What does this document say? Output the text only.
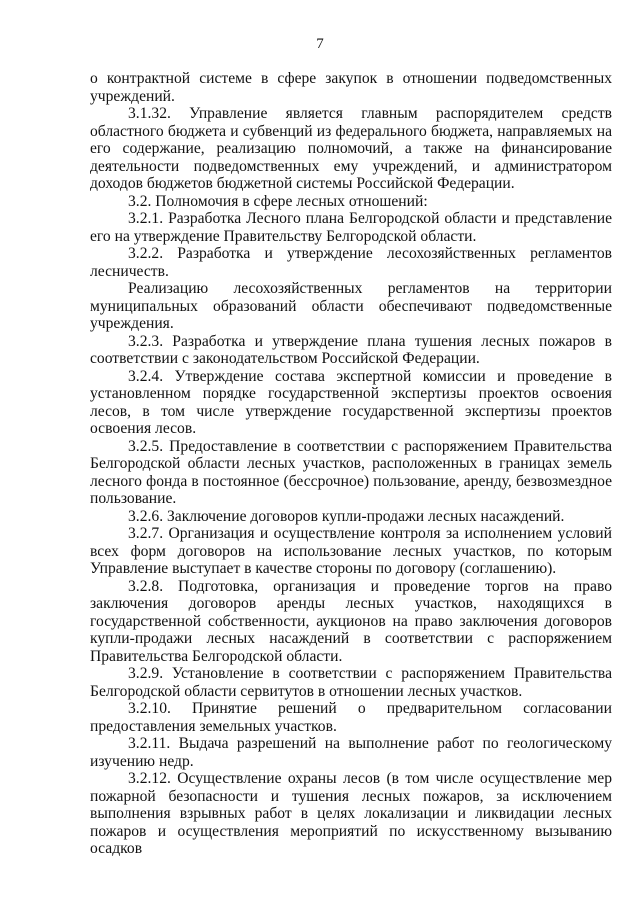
7

о контрактной системе в сфере закупок в отношении подведомственных учреждений.

3.1.32. Управление является главным распорядителем средств областного бюджета и субвенций из федерального бюджета, направляемых на его содержание, реализацию полномочий, а также на финансирование деятельности подведомственных ему учреждений, и администратором доходов бюджетов бюджетной системы Российской Федерации.

3.2. Полномочия в сфере лесных отношений:

3.2.1. Разработка Лесного плана Белгородской области и представление его на утверждение Правительству Белгородской области.

3.2.2. Разработка и утверждение лесохозяйственных регламентов лесничеств.

Реализацию лесохозяйственных регламентов на территории муниципальных образований области обеспечивают подведомственные учреждения.

3.2.3. Разработка и утверждение плана тушения лесных пожаров в соответствии с законодательством Российской Федерации.

3.2.4. Утверждение состава экспертной комиссии и проведение в установленном порядке государственной экспертизы проектов освоения лесов, в том числе утверждение государственной экспертизы проектов освоения лесов.

3.2.5. Предоставление в соответствии с распоряжением Правительства Белгородской области лесных участков, расположенных в границах земель лесного фонда в постоянное (бессрочное) пользование, аренду, безвозмездное пользование.

3.2.6. Заключение договоров купли-продажи лесных насаждений.

3.2.7. Организация и осуществление контроля за исполнением условий всех форм договоров на использование лесных участков, по которым Управление выступает в качестве стороны по договору (соглашению).

3.2.8. Подготовка, организация и проведение торгов на право заключения договоров аренды лесных участков, находящихся в государственной собственности, аукционов на право заключения договоров купли-продажи лесных насаждений в соответствии с распоряжением Правительства Белгородской области.

3.2.9. Установление в соответствии с распоряжением Правительства Белгородской области сервитутов в отношении лесных участков.

3.2.10. Принятие решений о предварительном согласовании предоставления земельных участков.

3.2.11. Выдача разрешений на выполнение работ по геологическому изучению недр.

3.2.12. Осуществление охраны лесов (в том числе осуществление мер пожарной безопасности и тушения лесных пожаров, за исключением выполнения взрывных работ в целях локализации и ликвидации лесных пожаров и осуществления мероприятий по искусственному вызыванию осадков
